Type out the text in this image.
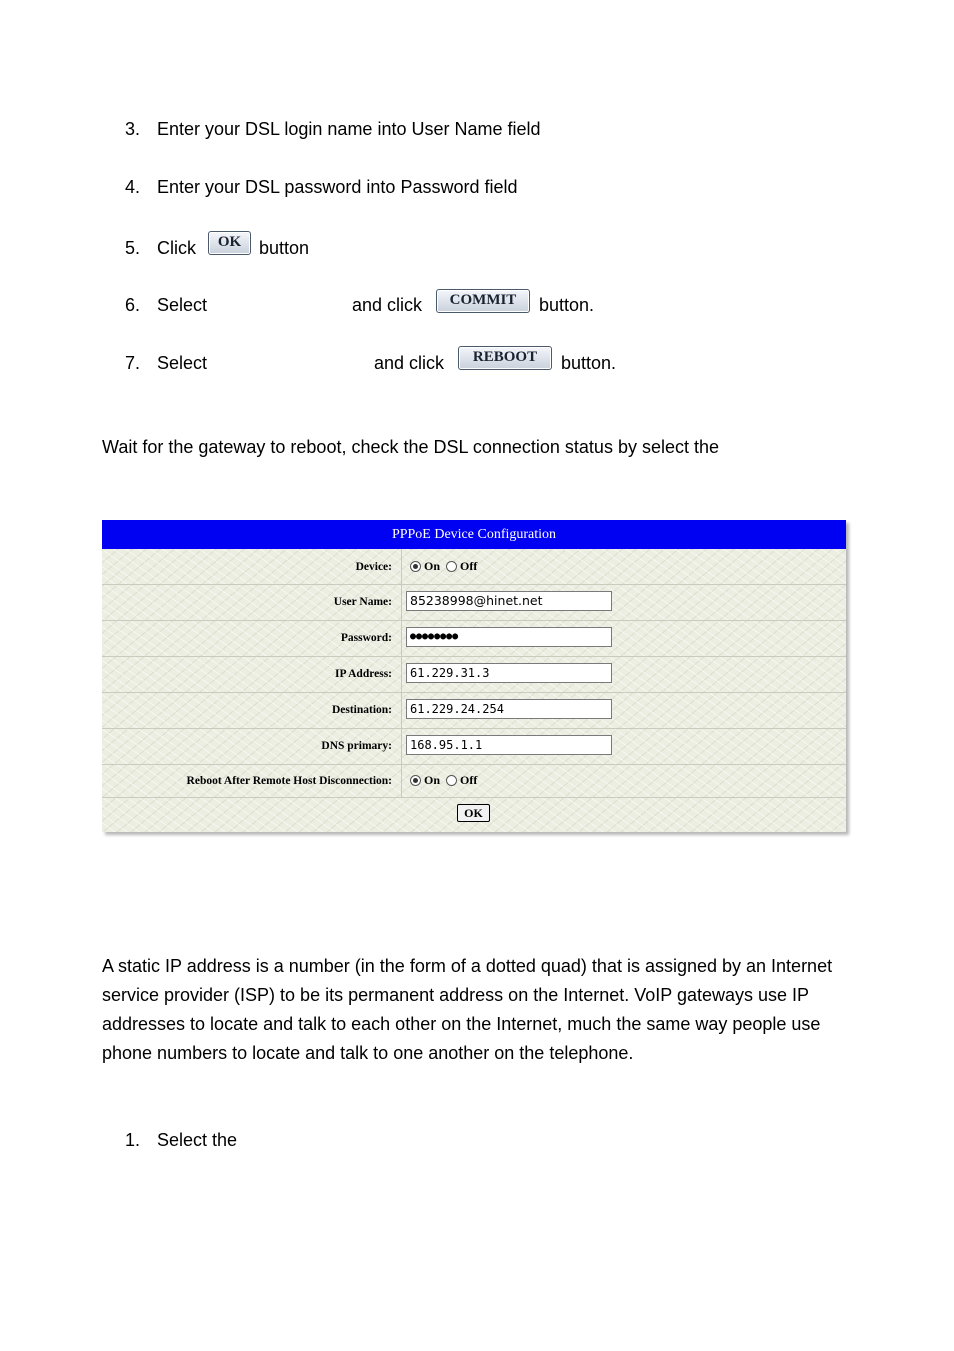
3. Enter your DSL login name into User Name field
4. Enter your DSL password into Password field
5. Click	OK button
6. Select	and click	COMMIT	button.
7. Select	and click	REBOOT	button.
Wait for the gateway to reboot, check the DSL connection status by select the
PPPoE Device Configuration
Device:	On Off
User Name:	85238998@hinet.net
Password:	●●●●●●●●
IP Address:	61.229.31.3
Destination:	61.229.24.254
DNS primary:	168.95.1.1
Reboot After Remote Host Disconnection:	On Off
OK
A static IP address is a number (in the form of a dotted quad) that is assigned by an Internet service provider (ISP) to be its permanent address on the Internet. VoIP gateways use IP addresses to locate and talk to each other on the Internet, much the same way people use phone numbers to locate and talk to one another on the telephone.
1. Select the
